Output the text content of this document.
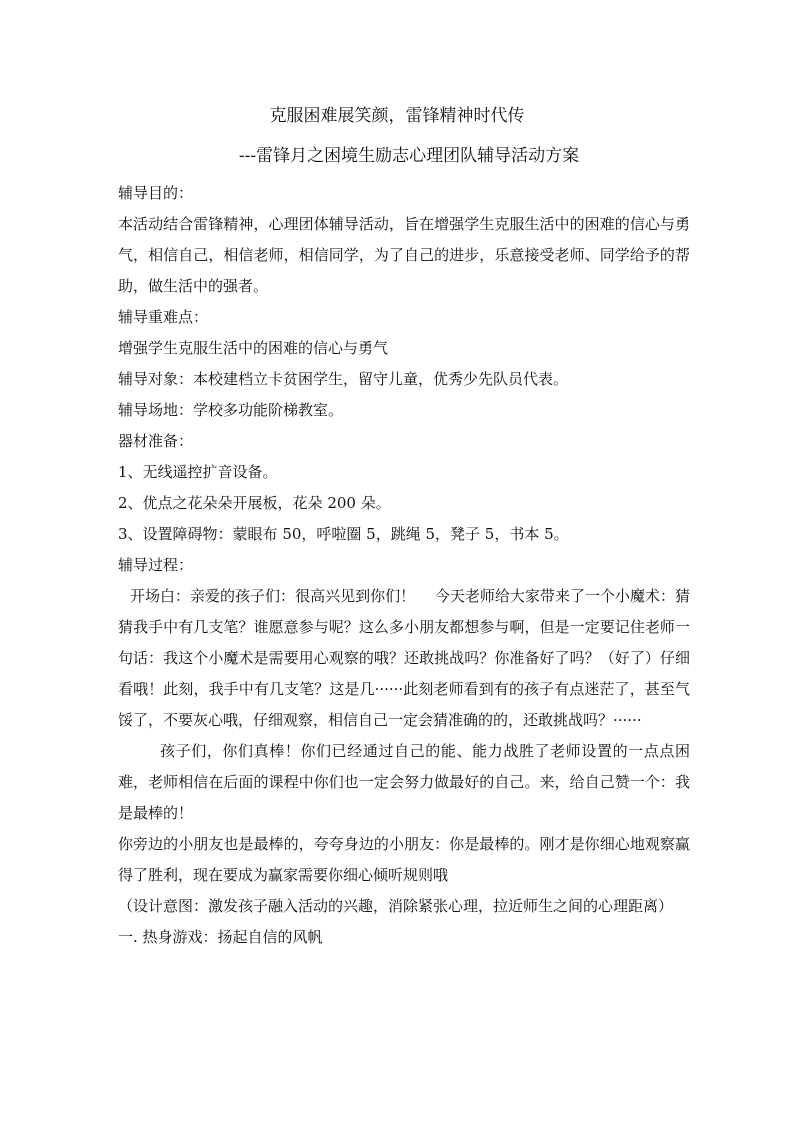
克服困难展笑颜，雷锋精神时代传
---雷锋月之困境生励志心理团队辅导活动方案

辅导目的：

本活动结合雷锋精神，心理团体辅导活动，旨在增强学生克服生活中的困难的信心与勇气，相信自己，相信老师，相信同学，为了自己的进步，乐意接受老师、同学给予的帮助，做生活中的强者。

辅导重难点：

增强学生克服生活中的困难的信心与勇气

辅导对象：本校建档立卡贫困学生，留守儿童，优秀少先队员代表。

辅导场地：学校多功能阶梯教室。

器材准备：

1、无线遥控扩音设备。

2、优点之花朵朵开展板，花朵 200 朵。

3、设置障碍物：蒙眼布 50，呼啦圈 5，跳绳 5，凳子 5，书本 5。

辅导过程：

开场白：亲爱的孩子们：很高兴见到你们！　 今天老师给大家带来了一个小魔术：猜猜我手中有几支笔？谁愿意参与呢？这么多小朋友都想参与啊，但是一定要记住老师一句话：我这个小魔术是需要用心观察的哦？还敢挑战吗？你准备好了吗？（好了）仔细看哦！此刻，我手中有几支笔？这是几······此刻老师看到有的孩子有点迷茫了，甚至气馁了，不要灰心哦，仔细观察，相信自己一定会猜准确的的，还敢挑战吗？······

孩子们，你们真棒！你们已经通过自己的能、能力战胜了老师设置的一点点困难，老师相信在后面的课程中你们也一定会努力做最好的自己。来，给自己赞一个：我是最棒的！

你旁边的小朋友也是最棒的，夸夸身边的小朋友：你是最棒的。刚才是你细心地观察赢得了胜利，现在要成为赢家需要你细心倾听规则哦

（设计意图：激发孩子融入活动的兴趣，消除紧张心理，拉近师生之间的心理距离）

一. 热身游戏：扬起自信的风帆
